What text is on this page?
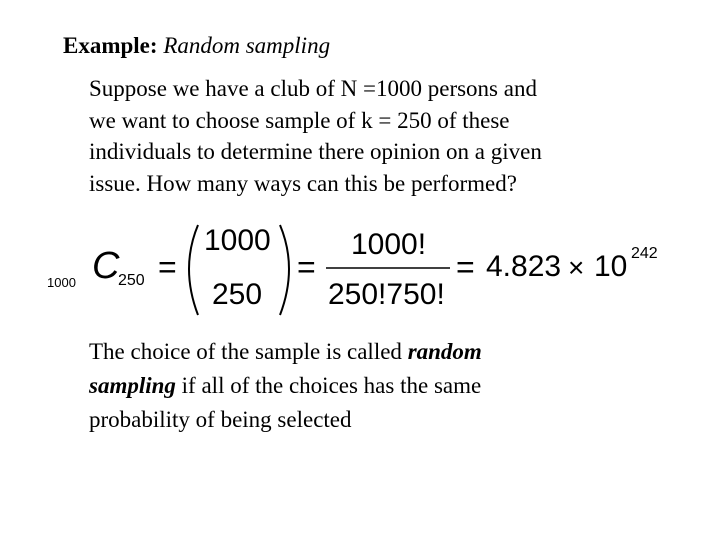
Example: Random sampling
Suppose we have a club of N =1000 persons and
we want to choose sample of k = 250 of these
individuals to determine there opinion on a given
issue. How many ways can this be performed?
1000 C
250 =
1000
250
=
1000!
250!750!
= 4.823 × 10 242
The choice of the sample is called random
sampling if all of the choices has the same
probability of being selected
